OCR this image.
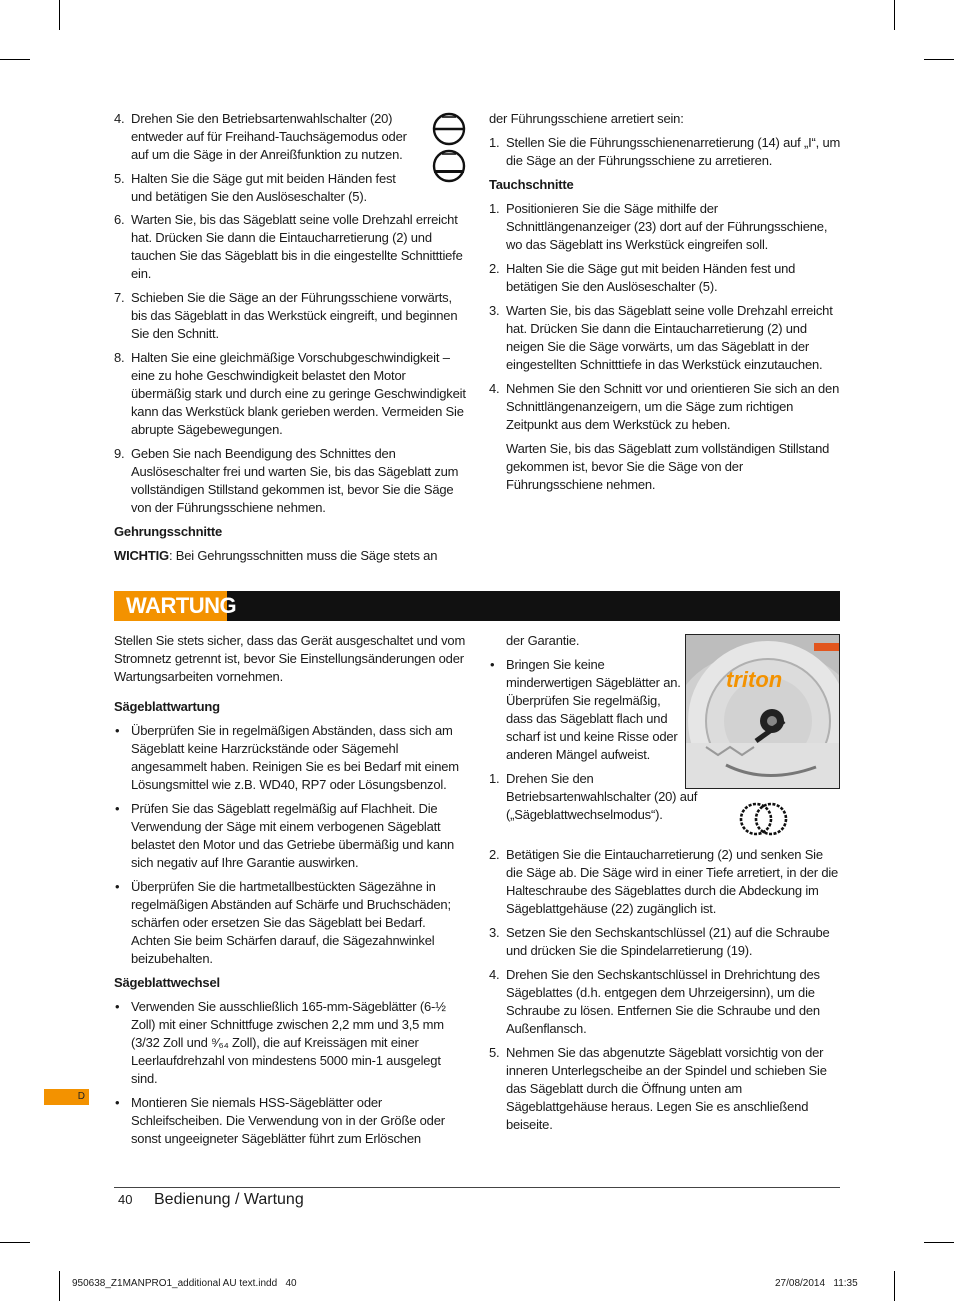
4. Drehen Sie den Betriebsartenwahlschalter (20) entweder auf für Freihand-Tauchsägemodus oder auf um die Säge in der Anreißfunktion zu nutzen.
5. Halten Sie die Säge gut mit beiden Händen fest und betätigen Sie den Auslöseschalter (5).
6. Warten Sie, bis das Sägeblatt seine volle Drehzahl erreicht hat. Drücken Sie dann die Eintaucharretierung (2) und tauchen Sie das Sägeblatt bis in die eingestellte Schnitttiefe ein.
7. Schieben Sie die Säge an der Führungsschiene vorwärts, bis das Sägeblatt in das Werkstück eingreift, und beginnen Sie den Schnitt.
8. Halten Sie eine gleichmäßige Vorschubgeschwindigkeit – eine zu hohe Geschwindigkeit belastet den Motor übermäßig stark und durch eine zu geringe Geschwindigkeit kann das Werkstück blank gerieben werden. Vermeiden Sie abrupte Sägebewegungen.
9. Geben Sie nach Beendigung des Schnittes den Auslöseschalter frei und warten Sie, bis das Sägeblatt zum vollständigen Stillstand gekommen ist, bevor Sie die Säge von der Führungsschiene nehmen.
Gehrungsschnitte

WICHTIG: Bei Gehrungsschnitten muss die Säge stets an

der Führungsschiene arretiert sein:

1. Stellen Sie die Führungsschienenarretierung (14) auf „I“, um die Säge an der Führungsschiene zu arretieren.
Tauchschnitte
1. Positionieren Sie die Säge mithilfe der Schnittlängenanzeiger (23) dort auf der Führungsschiene, wo das Sägeblatt ins Werkstück eingreifen soll.
2. Halten Sie die Säge gut mit beiden Händen fest und betätigen Sie den Auslöseschalter (5).
3. Warten Sie, bis das Sägeblatt seine volle Drehzahl erreicht hat. Drücken Sie dann die Eintaucharretierung (2) und neigen Sie die Säge vorwärts, um das Sägeblatt in der eingestellten Schnitttiefe in das Werkstück einzutauchen.
4. Nehmen Sie den Schnitt vor und orientieren Sie sich an den Schnittlängenanzeigern, um die Säge zum richtigen Zeitpunkt aus dem Werkstück zu heben.

Warten Sie, bis das Sägeblatt zum vollständigen Stillstand gekommen ist, bevor Sie die Säge von der Führungsschiene nehmen.

WARTUNG

Stellen Sie stets sicher, dass das Gerät ausgeschaltet und vom Stromnetz getrennt ist, bevor Sie Einstellungsänderungen oder Wartungsarbeiten vornehmen.

Sägeblattwartung
• Überprüfen Sie in regelmäßigen Abständen, dass sich am Sägeblatt keine Harzrückstände oder Sägemehl angesammelt haben. Reinigen Sie es bei Bedarf mit einem Lösungsmittel wie z.B. WD40, RP7 oder Lösungsbenzol.
• Prüfen Sie das Sägeblatt regelmäßig auf Flachheit. Die Verwendung der Säge mit einem verbogenen Sägeblatt belastet den Motor und das Getriebe übermäßig und kann sich negativ auf Ihre Garantie auswirken.
• Überprüfen Sie die hartmetallbestückten Sägezähne in regelmäßigen Abständen auf Schärfe und Bruchschäden; schärfen oder ersetzen Sie das Sägeblatt bei Bedarf. Achten Sie beim Schärfen darauf, die Sägezahnwinkel beizubehalten.
Sägeblattwechsel
• Verwenden Sie ausschließlich 165-mm-Sägeblätter (6-½ Zoll) mit einer Schnittfuge zwischen 2,2 mm und 3,5 mm (3/32 Zoll und ⁹⁄₆₄ Zoll), die auf Kreissägen mit einer Leerlaufdrehzahl von mindestens 5000 min-1 ausgelegt sind.
• Montieren Sie niemals HSS-Sägeblätter oder Schleifscheiben. Die Verwendung von in der Größe oder sonst ungeeigneter Sägeblätter führt zum Erlöschen

der Garantie.

• Bringen Sie keine minderwertigen Sägeblätter an. Überprüfen Sie regelmäßig, dass das Sägeblatt flach und scharf ist und keine Risse oder anderen Mängel aufweist.
1. Drehen Sie den Betriebsartenwahlschalter (20) auf („Sägeblattwechselmodus“).
triton
2. Betätigen Sie die Eintaucharretierung (2) und senken Sie die Säge ab. Die Säge wird in einer Tiefe arretiert, in der die Halteschraube des Sägeblattes durch die Abdeckung im Sägeblattgehäuse (22) zugänglich ist.
3. Setzen Sie den Sechskantschlüssel (21) auf die Schraube und drücken Sie die Spindelarretierung (19).
4. Drehen Sie den Sechskantschlüssel in Drehrichtung des Sägeblattes (d.h. entgegen dem Uhrzeigersinn), um die Schraube zu lösen. Entfernen Sie die Schraube und den Außenflansch.
5. Nehmen Sie das abgenutzte Sägeblatt vorsichtig von der inneren Unterlegscheibe an der Spindel und schieben Sie das Sägeblatt durch die Öffnung unten am Sägeblattgehäuse heraus. Legen Sie es anschließend beiseite.
D
40 Bedienung / Wartung
950638_Z1MANPRO1_additional AU text.indd   40	27/08/2014   11:35
